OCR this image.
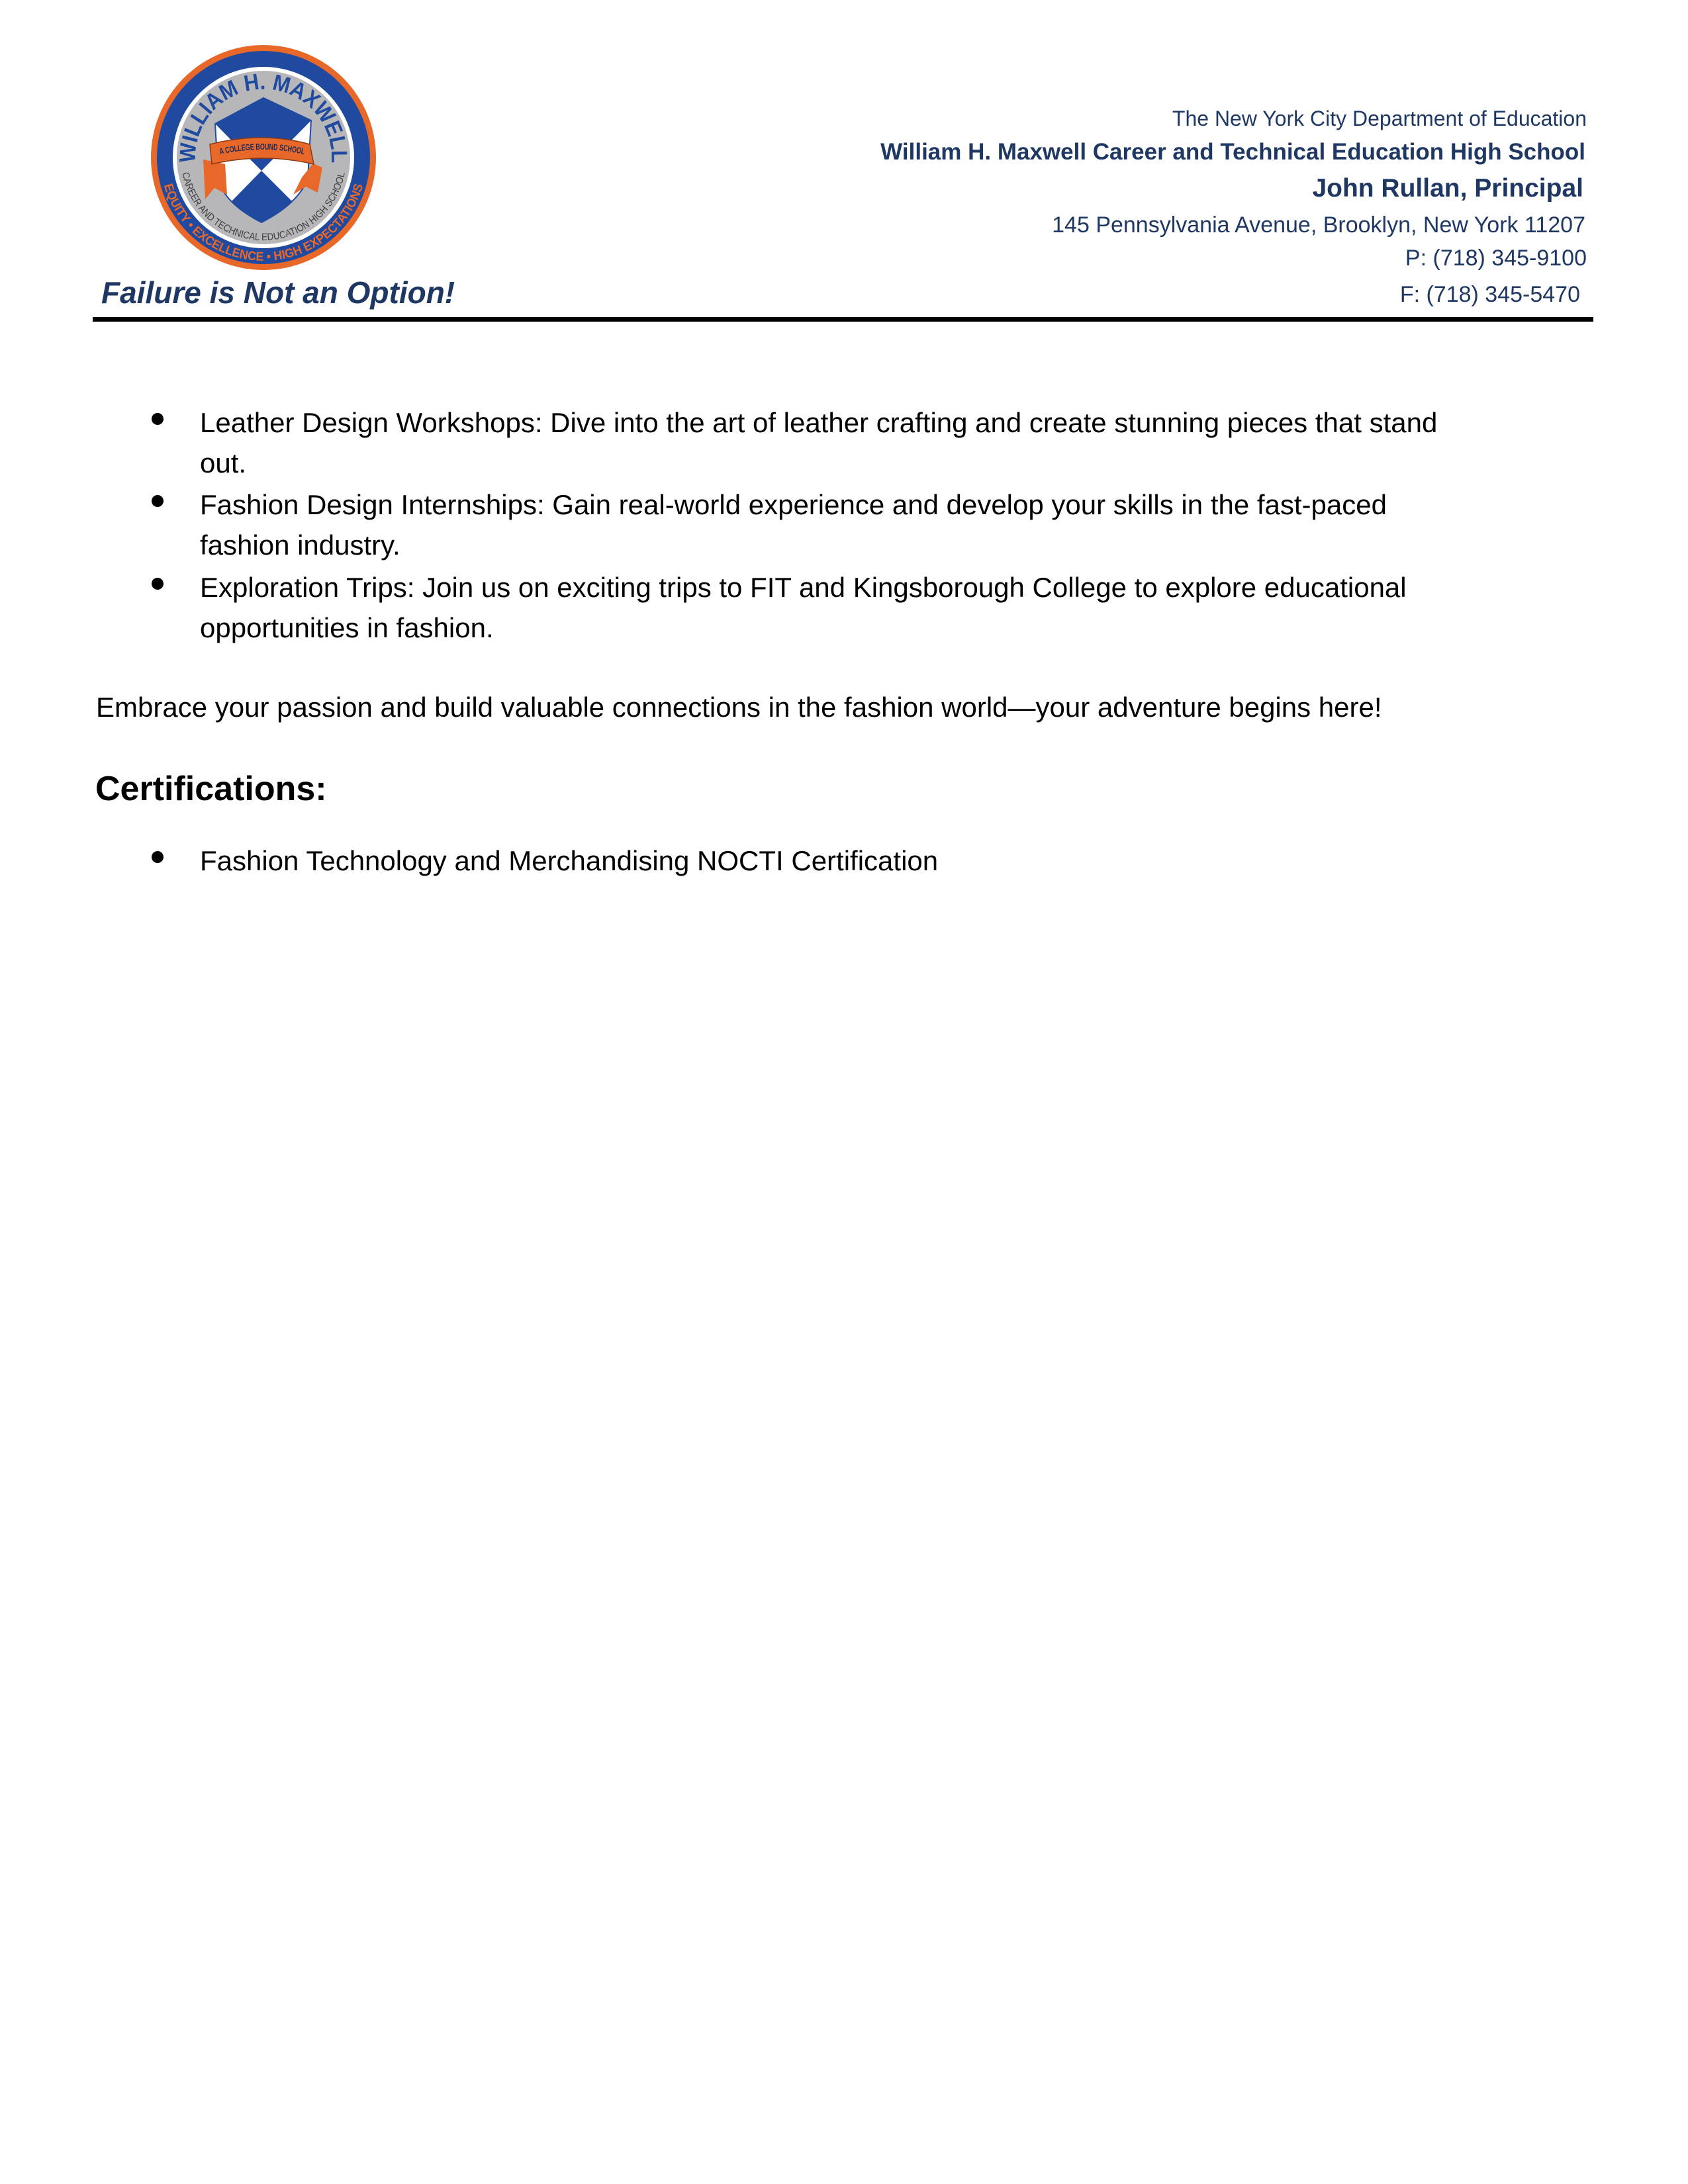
WILLIAM H. MAXWELL
A COLLEGE BOUND SCHOOL
CAREER AND TECHNICAL EDUCATION HIGH SCHOOL
EQUITY • EXCELLENCE • HIGH EXPECTATIONS
Failure is Not an Option!
The New York City Department of Education
William H. Maxwell Career and Technical Education High School
John Rullan, Principal
145 Pennsylvania Avenue, Brooklyn, New York 11207
P: (718) 345-9100
F: (718) 345-5470
Leather Design Workshops: Dive into the art of leather crafting and create stunning pieces that stand
out.
Fashion Design Internships: Gain real-world experience and develop your skills in the fast-paced
fashion industry.
Exploration Trips: Join us on exciting trips to FIT and Kingsborough College to explore educational
opportunities in fashion.

Embrace your passion and build valuable connections in the fashion world—your adventure begins here!

Certifications:
Fashion Technology and Merchandising NOCTI Certification
